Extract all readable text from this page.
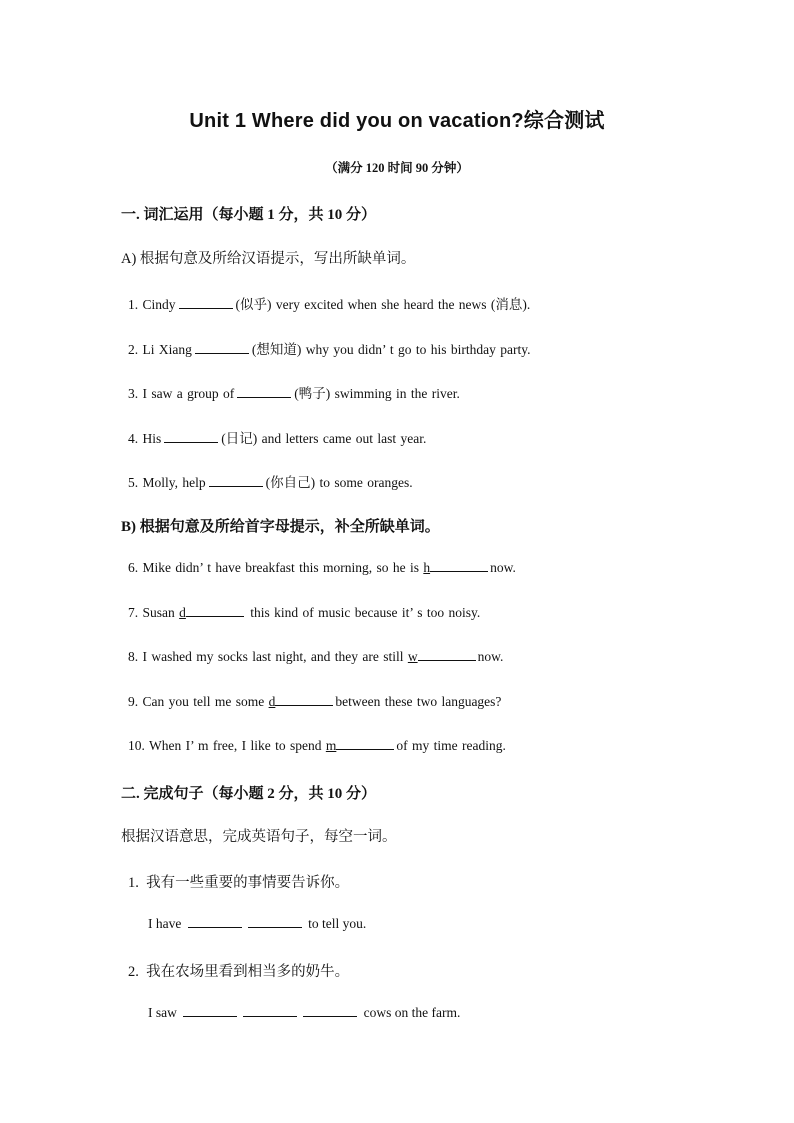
Unit 1 Where did you on vacation?综合测试
（满分 120 时间 90 分钟）
一. 词汇运用（每小题 1 分，共 10 分）
A) 根据句意及所给汉语提示，写出所缺单词。
1. Cindy	(似乎) very excited when she heard the news (消息).
2. Li Xiang	(想知道) why you didn’ t go to his birthday party.
3. I saw a group of	(鸭子) swimming in the river.
4. His	(日记) and letters came out last year.
5. Molly, help	(你自己) to some oranges.
B) 根据句意及所给首字母提示，补全所缺单词。
6. Mike didn’ t have breakfast this morning, so he is h	now.
7. Susan d	this kind of music because it’ s too noisy.
8. I washed my socks last night, and they are still w	now.
9. Can you tell me some d	between these two languages?
10. When I’ m free, I like to spend m	of my time reading.
二. 完成句子（每小题 2 分，共 10 分）
根据汉语意思，完成英语句子，每空一词。
1. 我有一些重要的事情要告诉你。
I have	to tell you.
2. 我在农场里看到相当多的奶牛。
I saw	cows on the farm.
